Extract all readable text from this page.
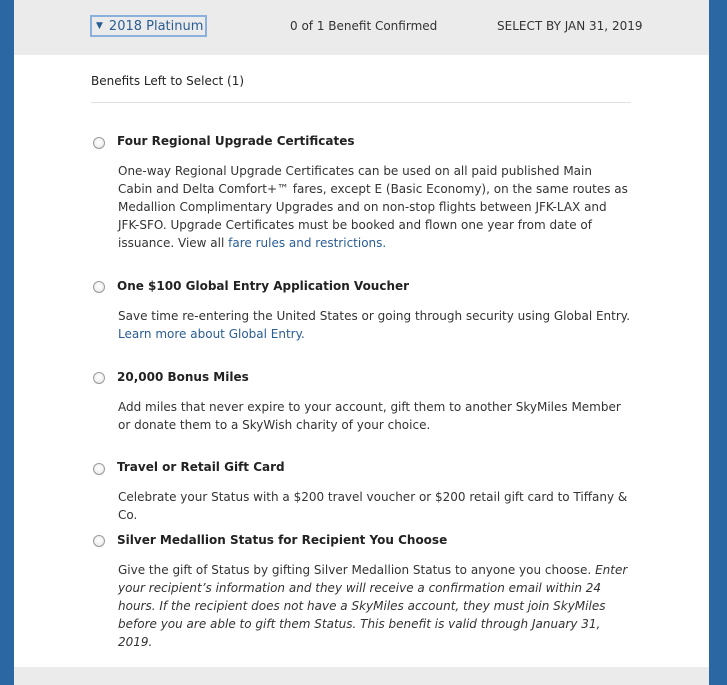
▼ 2018 Platinum	0 of 1 Benefit Confirmed	SELECT BY JAN 31, 2019
Benefits Left to Select (1)
Four Regional Upgrade Certificates
One-way Regional Upgrade Certificates can be used on all paid published Main Cabin and Delta Comfort+™ fares, except E (Basic Economy), on the same routes as Medallion Complimentary Upgrades and on non-stop flights between JFK-LAX and JFK-SFO. Upgrade Certificates must be booked and flown one year from date of issuance. View all fare rules and restrictions.
One $100 Global Entry Application Voucher
Save time re-entering the United States or going through security using Global Entry. Learn more about Global Entry.
20,000 Bonus Miles
Add miles that never expire to your account, gift them to another SkyMiles Member or donate them to a SkyWish charity of your choice.
Travel or Retail Gift Card
Celebrate your Status with a $200 travel voucher or $200 retail gift card to Tiffany & Co.
Silver Medallion Status for Recipient You Choose
Give the gift of Status by gifting Silver Medallion Status to anyone you choose. Enter your recipient’s information and they will receive a confirmation email within 24 hours. If the recipient does not have a SkyMiles account, they must join SkyMiles before you are able to gift them Status. This benefit is valid through January 31, 2019.
